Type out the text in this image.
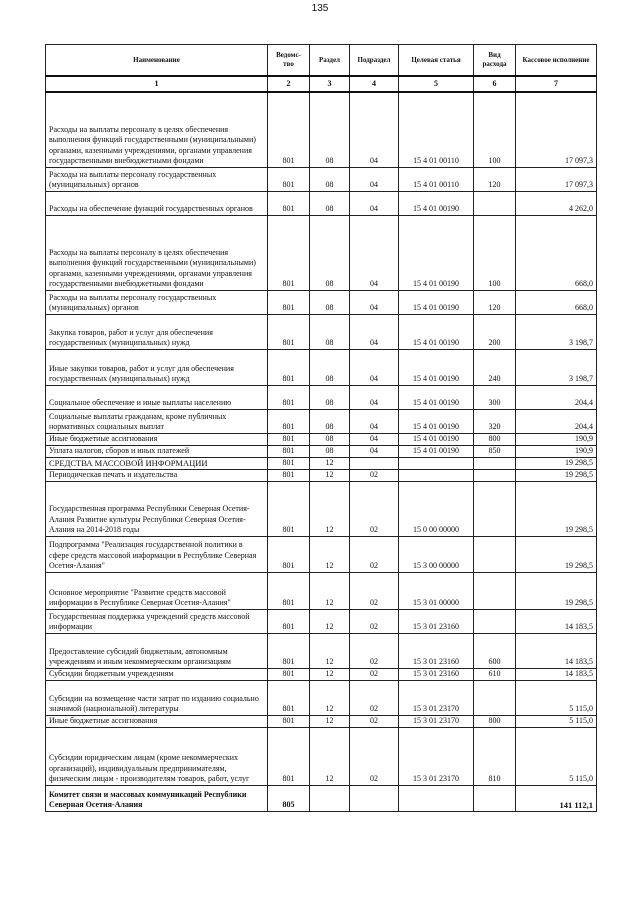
135
Наименование	Ведомс-тво	Раздел	Подраздел	Целевая статья	Вид расхода	Кассовое исполнение
1	2	3	4	5	6	7
Расходы на выплаты персоналу в целях обеспечения выполнения функций государственными (муниципальными) органами, казенными учреждениями, органами управления государственными внебюджетными фондами	801	08	04	15 4 01 00110	100	17 097,3
Расходы на выплаты персоналу государственных (муниципальных) органов	801	08	04	15 4 01 00110	120	17 097,3
Расходы на обеспечение функций государственных органов	801	08	04	15 4 01 00190		4 262,0
Расходы на выплаты персоналу в целях обеспечения выполнения функций государственными (муниципальными) органами, казенными учреждениями, органами управления государственными внебюджетными фондами	801	08	04	15 4 01 00190	100	668,0
Расходы на выплаты персоналу государственных (муниципальных) органов	801	08	04	15 4 01 00190	120	668,0
Закупка товаров, работ и услуг для обеспечения государственных (муниципальных) нужд	801	08	04	15 4 01 00190	200	3 198,7
Иные закупки товаров, работ и услуг для обеспечения государственных (муниципальных) нужд	801	08	04	15 4 01 00190	240	3 198,7
Социальное обеспечение и иные выплаты населению	801	08	04	15 4 01 00190	300	204,4
Социальные выплаты гражданам, кроме публичных нормативных социальных выплат	801	08	04	15 4 01 00190	320	204,4
Иные бюджетные ассигнования	801	08	04	15 4 01 00190	800	190,9
Уплата налогов, сборов и иных платежей	801	08	04	15 4 01 00190	850	190,9
СРЕДСТВА МАССОВОЙ ИНФОРМАЦИИ	801	12				19 298,5
Периодическая печать и издательства	801	12	02			19 298,5
Государственная программа Республики Северная Осетия-Алания Развитие культуры Республики Северная Осетия-Алания на 2014-2018 годы	801	12	02	15 0 00 00000		19 298,5
Подпрограмма "Реализация государственной политики в сфере средств массовой информации в Республике Северная Осетия-Алания"	801	12	02	15 3 00 00000		19 298,5
Основное мероприятие "Развитие средств массовой информации в Республике Северная Осетия-Алания"	801	12	02	15 3 01 00000		19 298,5
Государственная поддержка учреждений средств массовой информации	801	12	02	15 3 01 23160		14 183,5
Предоставление субсидий бюджетным, автономным учреждениям и иным некоммерческим организациям	801	12	02	15 3 01 23160	600	14 183,5
Субсидии бюджетным учреждениям	801	12	02	15 3 01 23160	610	14 183,5
Субсидии на возмещение части затрат по изданию социально значимой (национальной) литературы	801	12	02	15 3 01 23170		5 115,0
Иные бюджетные ассигнования	801	12	02	15 3 01 23170	800	5 115,0
Субсидии юридическим лицам (кроме некоммерческих организаций), индивидуальным предпринимателям, физическим лицам - производителям товаров, работ, услуг	801	12	02	15 3 01 23170	810	5 115,0
Комитет связи и массовых коммуникаций Республики Северная Осетия-Алания	805					141 112,1
